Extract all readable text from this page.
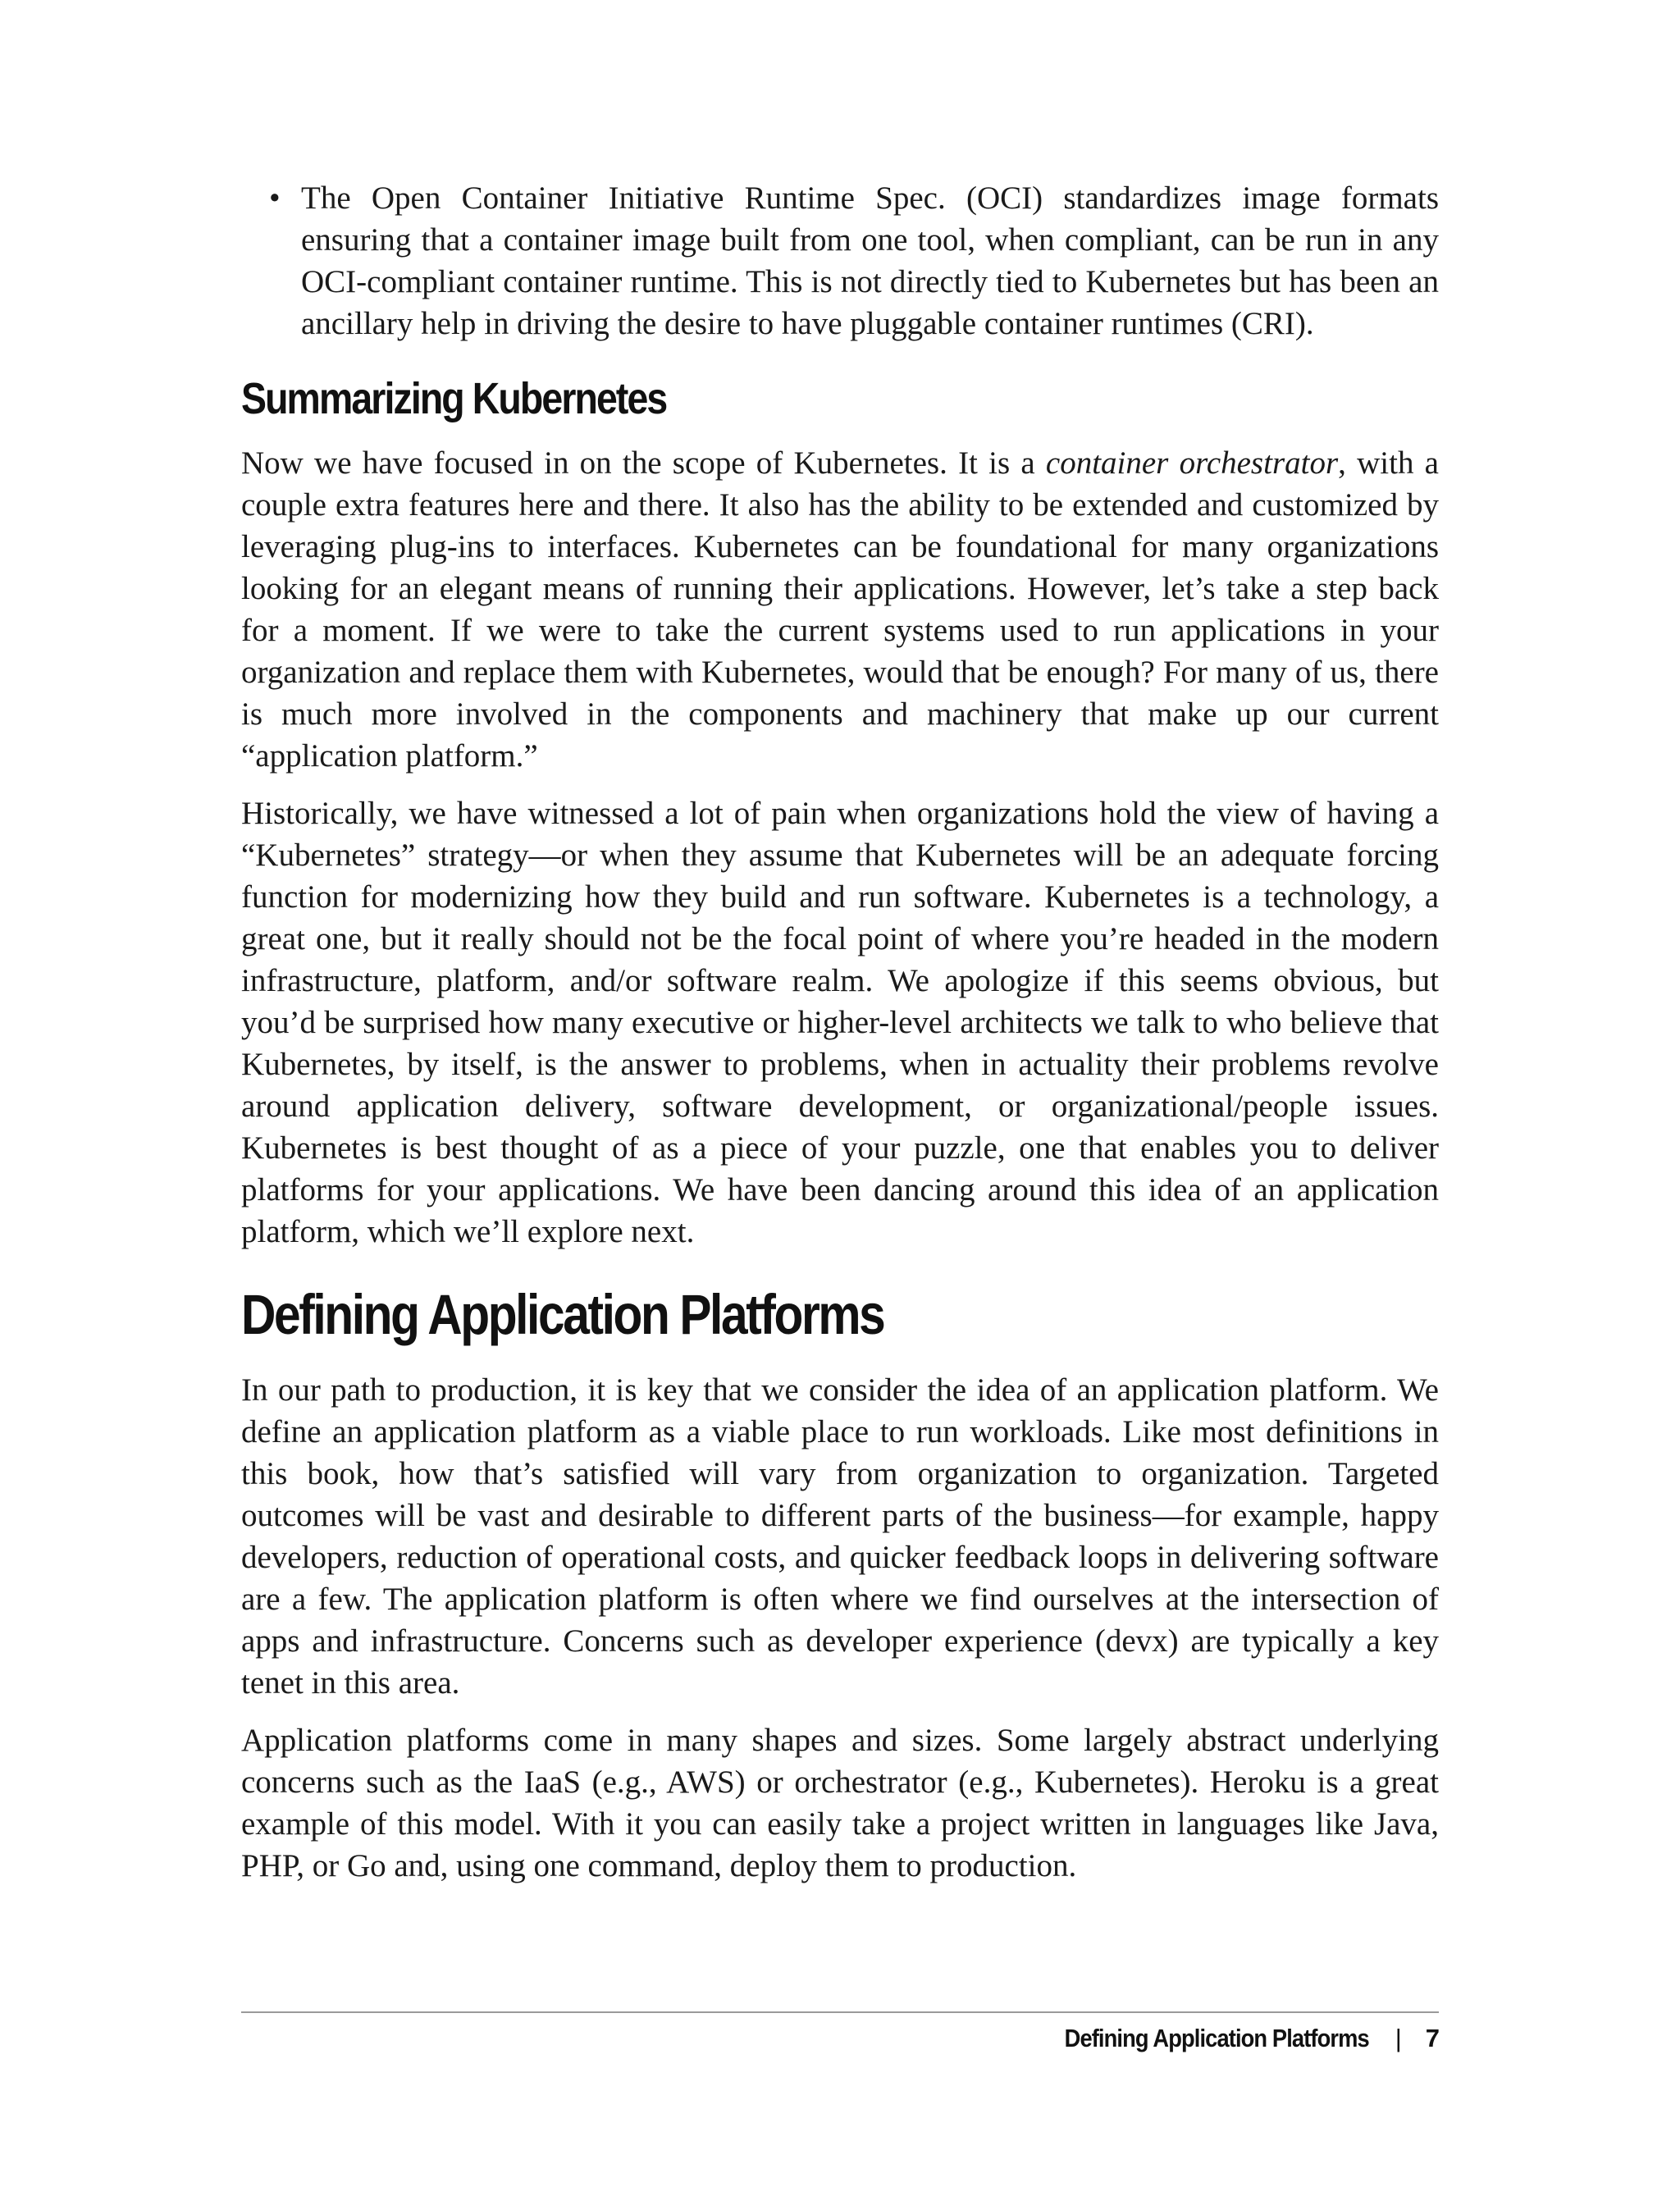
• The Open Container Initiative Runtime Spec. (OCI) standardizes image formats ensuring that a container image built from one tool, when compliant, can be run in any OCI-compliant container runtime. This is not directly tied to Kubernetes but has been an ancillary help in driving the desire to have pluggable container runtimes (CRI).
Summarizing Kubernetes

Now we have focused in on the scope of Kubernetes. It is a container orchestrator, with a couple extra features here and there. It also has the ability to be extended and customized by leveraging plug-ins to interfaces. Kubernetes can be foundational for many organizations looking for an elegant means of running their applications. However, let’s take a step back for a moment. If we were to take the current systems used to run applications in your organization and replace them with Kubernetes, would that be enough? For many of us, there is much more involved in the components and machinery that make up our current “application platform.”

Historically, we have witnessed a lot of pain when organizations hold the view of having a “Kubernetes” strategy—or when they assume that Kubernetes will be an adequate forcing function for modernizing how they build and run software. Kubernetes is a technology, a great one, but it really should not be the focal point of where you’re headed in the modern infrastructure, platform, and/or software realm. We apologize if this seems obvious, but you’d be surprised how many executive or higher-level architects we talk to who believe that Kubernetes, by itself, is the answer to problems, when in actuality their problems revolve around application delivery, software development, or organizational/people issues. Kubernetes is best thought of as a piece of your puzzle, one that enables you to deliver platforms for your applications. We have been dancing around this idea of an application platform, which we’ll explore next.

Defining Application Platforms

In our path to production, it is key that we consider the idea of an application platform. We define an application platform as a viable place to run workloads. Like most definitions in this book, how that’s satisfied will vary from organization to organization. Targeted outcomes will be vast and desirable to different parts of the business—for example, happy developers, reduction of operational costs, and quicker feedback loops in delivering software are a few. The application platform is often where we find ourselves at the intersection of apps and infrastructure. Concerns such as developer experience (devx) are typically a key tenet in this area.

Application platforms come in many shapes and sizes. Some largely abstract underlying concerns such as the IaaS (e.g., AWS) or orchestrator (e.g., Kubernetes). Heroku is a great example of this model. With it you can easily take a project written in languages like Java, PHP, or Go and, using one command, deploy them to production.

Defining Application Platforms | 7
